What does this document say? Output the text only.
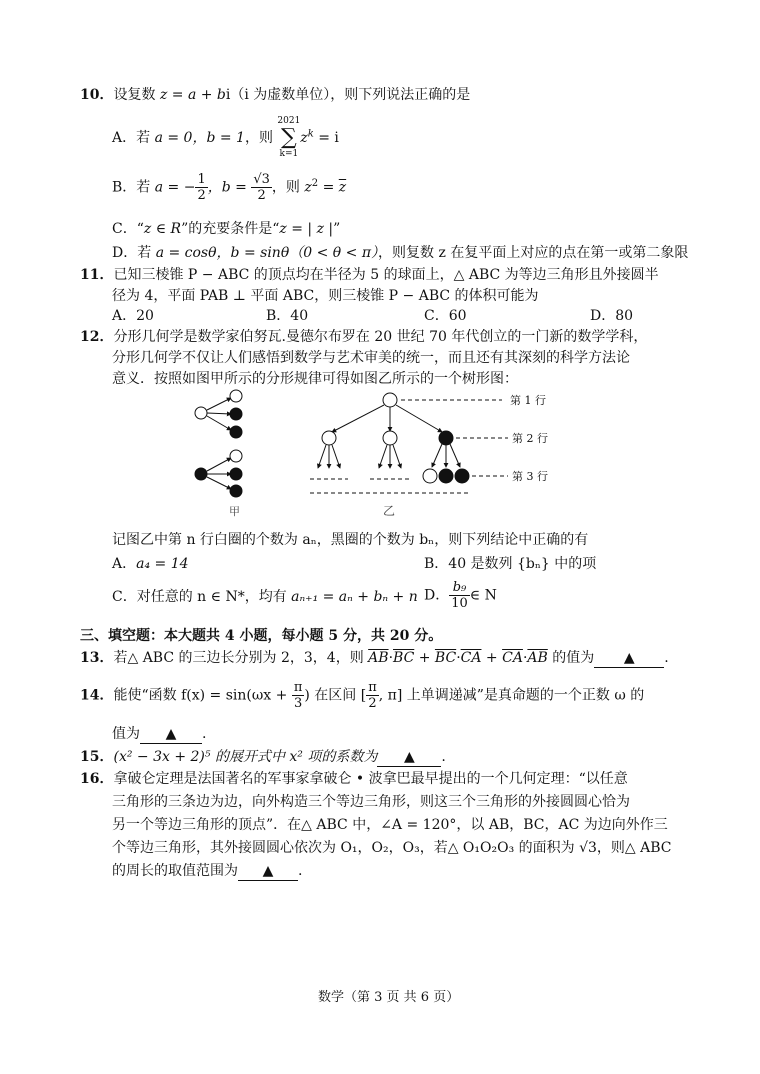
10．设复数 z = a + bi（i 为虚数单位），则下列说法正确的是
A．若 a = 0，b = 1，则
2021
∑
k=1
$z^k = i$
B．若 a = − $\frac{1}{2}$ ，$b = \frac{√3}{2}$ ，则 $z^2 = \overline{z}$
C．“z ∈ R”的充要条件是“z = | z |”
D．若 a = cosθ，b = sinθ（0 < θ < π），则复数 z 在复平面上对应的点在第一或第二象限
11．已知三棱锥 P − ABC 的顶点均在半径为 5 的球面上，△ ABC 为等边三角形且外接圆半
径为 4，平面 PAB ⊥ 平面 ABC，则三棱锥 P − ABC 的体积可能为
A．20	B．40	C．60	D．80
12．分形几何学是数学家伯努瓦.曼德尔布罗在 20 世纪 70 年代创立的一门新的数学学科，
分形几何学不仅让人们感悟到数学与艺术审美的统一，而且还有其深刻的科学方法论
意义．按照如图甲所示的分形规律可得如图乙所示的一个树形图：
甲
第 1 行
第 2 行
第 3 行
乙
记图乙中第 n 行白圈的个数为 aₙ，黑圈的个数为 bₙ，则下列结论中正确的有
A．a₄ = 14	B．40 是数列 {bₙ} 中的项
C．对任意的 n ∈ N*，均有 aₙ₊₁ = aₙ + bₙ + n D． $\frac{\text{b₉}}{10}$ ∈ N
三、填空题：本大题共 4 小题，每小题 5 分，共 20 分。
13．若△ ABC 的三边长分别为 2，3，4，则 $\overline{AB}\cdot\overline{BC} + \overline{BC}\cdot\overline{CA} + \overline{CA}\cdot\overline{AB}$ 的值为 ▲ .
14．能使“函数 $f(x) = \sin(\omega x + \frac{\pi}{3}$ ) 在区间 [ $\frac{\pi}{2}$ , π] 上单调递减”是真命题的一个正数 ω 的
值为 ▲ .
15．(x² − 3x + 2)⁵ 的展开式中 x² 项的系数为 ▲ .
16．拿破仑定理是法国著名的军事家拿破仑 • 波拿巴最早提出的一个几何定理：“以任意
三角形的三条边为边，向外构造三个等边三角形，则这三个三角形的外接圆圆心恰为
另一个等边三角形的顶点”．在△ ABC 中，∠A = 120°，以 AB，BC，AC 为边向外作三
个等边三角形，其外接圆圆心依次为 O₁，O₂，O₃，若△ O₁O₂O₃ 的面积为 √3，则△ ABC
的周长的取值范围为 ▲ .
数学（第 3 页 共 6 页）
